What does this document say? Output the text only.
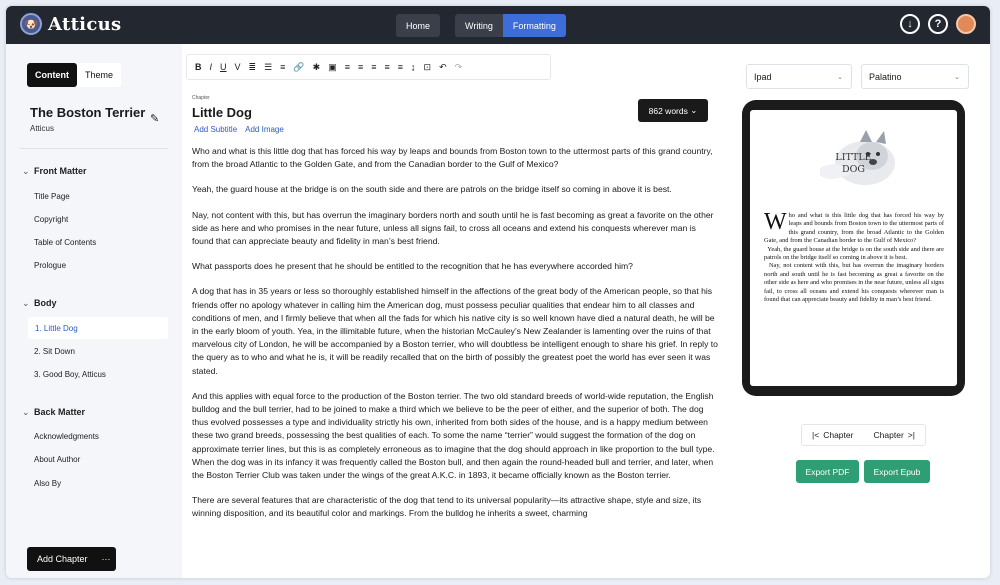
🐶 Atticus	Home	Writing	Formatting	↓	?
Content	Theme
The Boston Terrier
Atticus
✎
⌄ Front Matter
Title Page
Copyright
Table of Contents
Prologue
⌄ Body
1. Little Dog
2. Sit Down
3. Good Boy, Atticus
⌄ Back Matter
Acknowledgments
About Author
Also By
Add Chapter ···
B I U V ≣ ☰ ≡ 🔗 ✱ ▣ ≡ ≡ ≡ ≡ ≡ ↨ ⊡ ↶ ↷
Chapter
Little Dog
Add Subtitle Add Image
862 words
⌄

Who and what is this little dog that has forced his way by leaps and bounds from Boston town to the uttermost parts of this grand country, from the broad Atlantic to the Golden Gate, and from the Canadian border to the Gulf of Mexico?

Yeah, the guard house at the bridge is on the south side and there are patrols on the bridge itself so coming in above it is best.

Nay, not content with this, but has overrun the imaginary borders north and south until he is fast becoming as great a favorite on the other side as here and who promises in the near future, unless all signs fail, to cross all oceans and extend his conquests wherever man is found that can appreciate beauty and fidelity in man’s best friend.

What passports does he present that he should be entitled to the recognition that he has everywhere accorded him?

A dog that has in 35 years or less so thoroughly established himself in the affections of the great body of the American people, so that his friends offer no apology whatever in calling him the American dog, must possess peculiar qualities that endear him to all classes and conditions of men, and I firmly believe that when all the fads for which his native city is so well known have died a natural death, he will be in the early bloom of youth. Yea, in the illimitable future, when the historian McCauley’s New Zealander is lamenting over the ruins of that marvelous city of London, he will be accompanied by a Boston terrier, who will doubtless be intelligent enough to share his grief. In reply to the query as to who and what he is, it will be readily recalled that on the birth of possibly the greatest poet the world has ever seen it was stated.

And this applies with equal force to the production of the Boston terrier. The two old standard breeds of world-wide reputation, the English bulldog and the bull terrier, had to be joined to make a third which we believe to be the peer of either, and the superior of both. The dog thus evolved possesses a type and individuality strictly his own, inherited from both sides of the house, and is a happy medium between these two grand breeds, possessing the best qualities of each. To some the name “terrier” would suggest the formation of the dog on approximate terrier lines, but this is as completely erroneous as to imagine that the dog should approach in like proportion to the bull type. When the dog was in its infancy it was frequently called the Boston bull, and then again the round-headed bull and terrier, and later, when the Boston Terrier Club was taken under the wings of the great A.K.C. in 1893, it became officially known as the Boston terrier.

There are several features that are characteristic of the dog that tend to its universal popularity—its attractive shape, style and size, its winning disposition, and its beautiful color and markings. From the bulldog he inherits a sweet, charming

Ipad	⌄	Palatino	⌄
LITTLE
DOG
Who and what is this little dog that has forced his way by leaps and bounds from Boston town to the uttermost parts of this grand country, from the broad Atlantic to the Golden Gate, and from the Canadian border to the Gulf of Mexico?
Yeah, the guard house at the bridge is on the south side and there are patrols on the bridge itself so coming in above it is best.
Nay, not content with this, but has overrun the imaginary borders north and south until he is fast becoming as great a favorite on the other side as here and who promises in the near future, unless all signs fail, to cross all oceans and extend his conquests wherever man is found that can appreciate beauty and fidelity in man’s best friend.
|< Chapter Chapter >|
Export PDF	Export Epub
